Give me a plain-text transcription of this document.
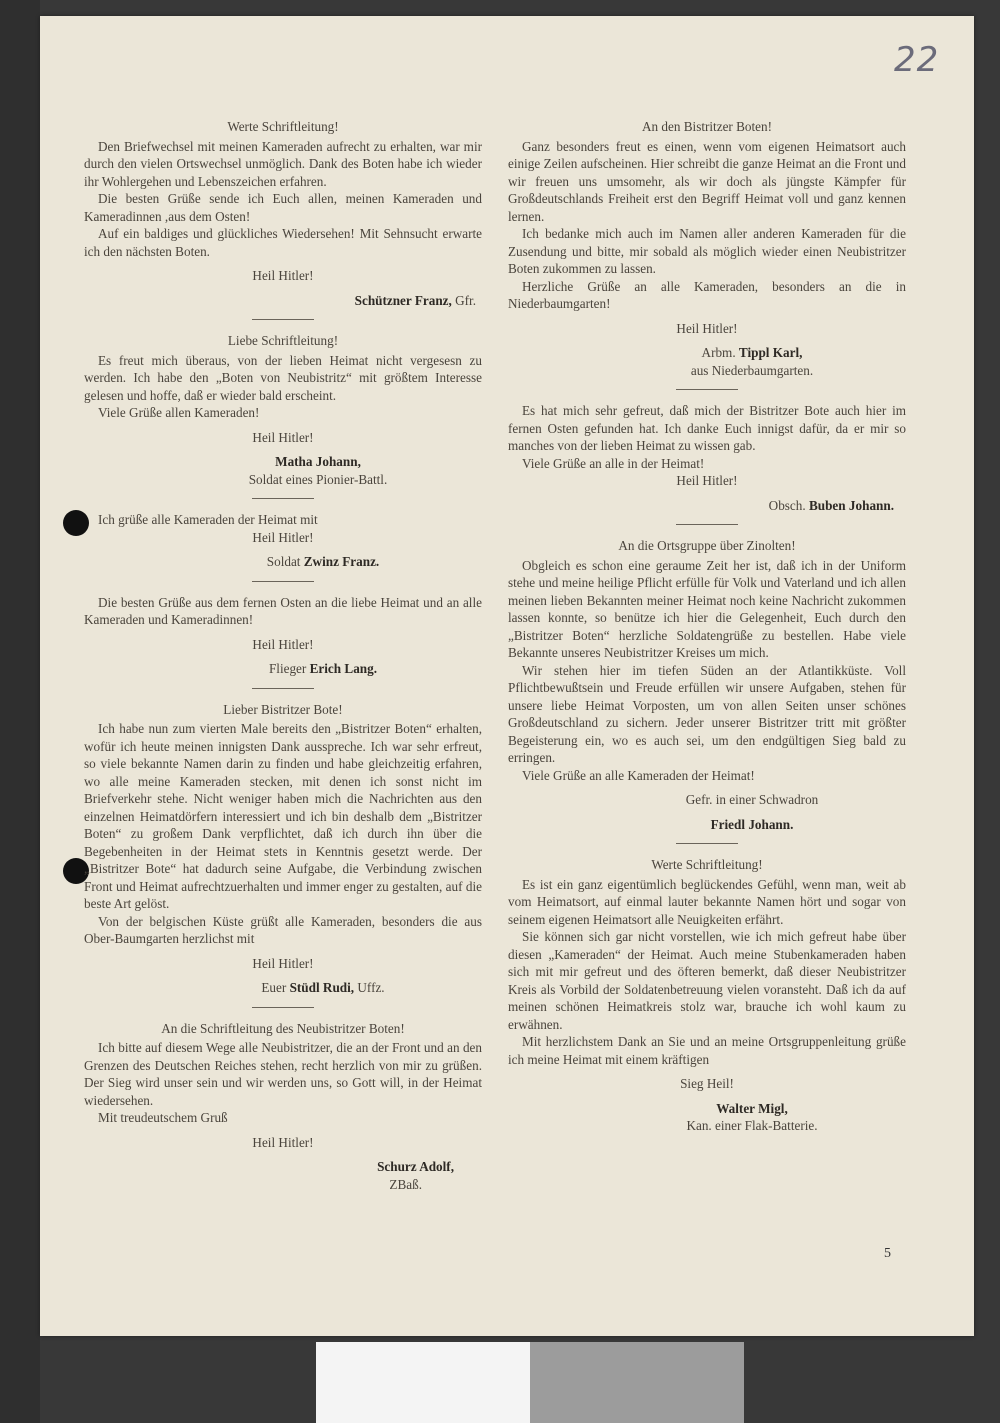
22

Werte Schriftleitung!

Den Briefwechsel mit meinen Kameraden aufrecht zu erhalten, war mir durch den vielen Ortswechsel unmöglich. Dank des Boten habe ich wieder ihr Wohlergehen und Lebenszeichen erfahren.

Die besten Grüße sende ich Euch allen, meinen Kameraden und Kameradinnen ,aus dem Osten!

Auf ein baldiges und glückliches Wiedersehen! Mit Sehnsucht erwarte ich den nächsten Boten.

Heil Hitler!

Schützner Franz, Gfr.

Liebe Schriftleitung!

Es freut mich überaus, von der lieben Heimat nicht vergesesn zu werden. Ich habe den „Boten von Neubistritz“ mit größtem Interesse gelesen und hoffe, daß er wieder bald erscheint.

Viele Grüße allen Kameraden!

Heil Hitler!

Matha Johann,

Soldat eines Pionier-Battl.

Ich grüße alle Kameraden der Heimat mit

Heil Hitler!

Soldat Zwinz Franz.

Die besten Grüße aus dem fernen Osten an die liebe Heimat und an alle Kameraden und Kameradinnen!

Heil Hitler!

Flieger Erich Lang.

Lieber Bistritzer Bote!

Ich habe nun zum vierten Male bereits den „Bistritzer Boten“ erhalten, wofür ich heute meinen innigsten Dank ausspreche. Ich war sehr erfreut, so viele bekannte Namen darin zu finden und habe gleichzeitig erfahren, wo alle meine Kameraden stecken, mit denen ich sonst nicht im Briefverkehr stehe. Nicht weniger haben mich die Nachrichten aus den einzelnen Heimatdörfern interessiert und ich bin deshalb dem „Bistritzer Boten“ zu großem Dank verpflichtet, daß ich durch ihn über die Begebenheiten in der Heimat stets in Kenntnis gesetzt werde. Der „Bistritzer Bote“ hat dadurch seine Aufgabe, die Verbindung zwischen Front und Heimat aufrechtzuerhalten und immer enger zu gestalten, auf die beste Art gelöst.

Von der belgischen Küste grüßt alle Kameraden, besonders die aus Ober-Baumgarten herzlichst mit

Heil Hitler!

Euer Stüdl Rudi, Uffz.

An die Schriftleitung des Neubistritzer Boten!

Ich bitte auf diesem Wege alle Neubistritzer, die an der Front und an den Grenzen des Deutschen Reiches stehen, recht herzlich von mir zu grüßen. Der Sieg wird unser sein und wir werden uns, so Gott will, in der Heimat wiedersehen.

Mit treudeutschem Gruß

Heil Hitler!

Schurz Adolf,

ZBaß.

An den Bistritzer Boten!

Ganz besonders freut es einen, wenn vom eigenen Heimatsort auch einige Zeilen aufscheinen. Hier schreibt die ganze Heimat an die Front und wir freuen uns umsomehr, als wir doch als jüngste Kämpfer für Großdeutschlands Freiheit erst den Begriff Heimat voll und ganz kennen lernen.

Ich bedanke mich auch im Namen aller anderen Kameraden für die Zusendung und bitte, mir sobald als möglich wieder einen Neubistritzer Boten zukommen zu lassen.

Herzliche Grüße an alle Kameraden, besonders an die in Niederbaumgarten!

Heil Hitler!

Arbm. Tippl Karl,

aus Niederbaumgarten.

Es hat mich sehr gefreut, daß mich der Bistritzer Bote auch hier im fernen Osten gefunden hat. Ich danke Euch innigst dafür, da er mir so manches von der lieben Heimat zu wissen gab.

Viele Grüße an alle in der Heimat!

Heil Hitler!

Obsch. Buben Johann.

An die Ortsgruppe über Zinolten!

Obgleich es schon eine geraume Zeit her ist, daß ich in der Uniform stehe und meine heilige Pflicht erfülle für Volk und Vaterland und ich allen meinen lieben Bekannten meiner Heimat noch keine Nachricht zukommen lassen konnte, so benütze ich hier die Gelegenheit, Euch durch den „Bistritzer Boten“ herzliche Soldatengrüße zu bestellen. Habe viele Bekannte unseres Neubistritzer Kreises um mich.

Wir stehen hier im tiefen Süden an der Atlantikküste. Voll Pflichtbewußtsein und Freude erfüllen wir unsere Aufgaben, stehen für unsere liebe Heimat Vorposten, um von allen Seiten unser schönes Großdeutschland zu sichern. Jeder unserer Bistritzer tritt mit größter Begeisterung ein, wo es auch sei, um den endgültigen Sieg bald zu erringen.

Viele Grüße an alle Kameraden der Heimat!

Gefr. in einer Schwadron

Friedl Johann.

Werte Schriftleitung!

Es ist ein ganz eigentümlich beglückendes Gefühl, wenn man, weit ab vom Heimatsort, auf einmal lauter bekannte Namen hört und sogar von seinem eigenen Heimatsort alle Neuigkeiten erfährt.

Sie können sich gar nicht vorstellen, wie ich mich gefreut habe über diesen „Kameraden“ der Heimat. Auch meine Stubenkameraden haben sich mit mir gefreut und des öfteren bemerkt, daß dieser Neubistritzer Kreis als Vorbild der Soldatenbetreuung vielen voransteht. Daß ich da auf meinen schönen Heimatkreis stolz war, brauche ich wohl kaum zu erwähnen.

Mit herzlichstem Dank an Sie und an meine Ortsgruppenleitung grüße ich meine Heimat mit einem kräftigen

Sieg Heil!

Walter Migl,

Kan. einer Flak-Batterie.

5
